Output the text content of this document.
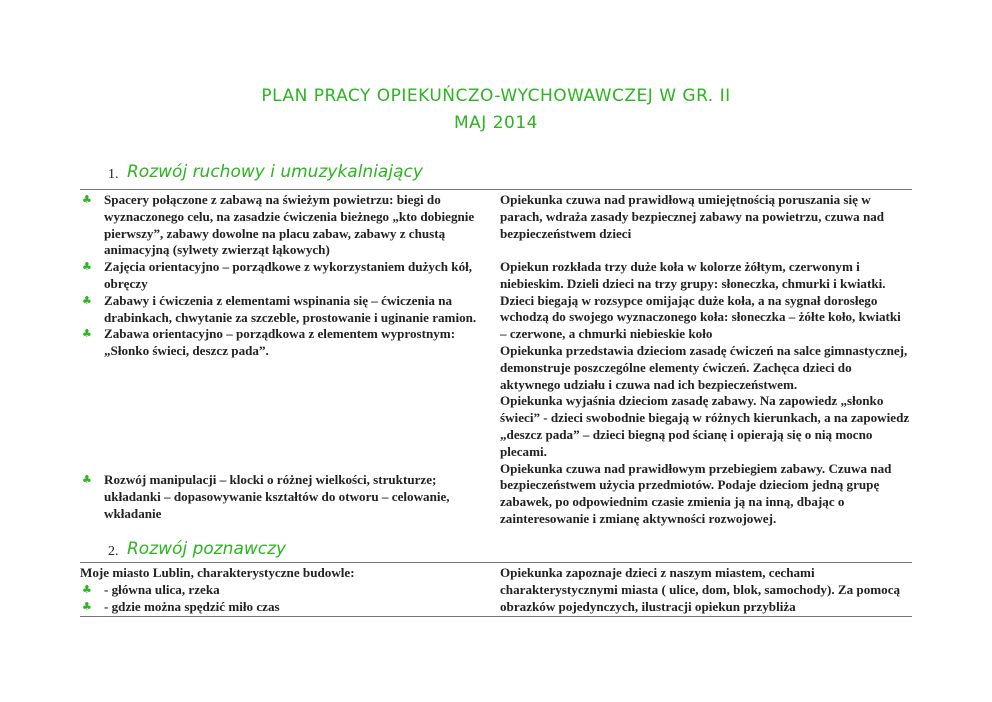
PLAN PRACY OPIEKUŃCZO-WYCHOWAWCZEJ W GR. II
MAJ 2014
1. Rozwój ruchowy i umuzykalniający
♣ Spacery połączone z zabawą na świeżym powietrzu: biegi do wyznaczonego celu, na zasadzie ćwiczenia bieżnego „kto dobiegnie pierwszy”, zabawy dowolne na placu zabaw, zabawy z chustą animacyjną (sylwety zwierząt łąkowych)

♣ Zajęcia orientacyjno – porządkowe z wykorzystaniem dużych kół, obręczy

♣ Zabawy i ćwiczenia z elementami wspinania się – ćwiczenia na drabinkach, chwytanie za szczeble, prostowanie i uginanie ramion.

♣ Zabawa orientacyjno – porządkowa z elementem wyprostnym: „Słonko świeci, deszcz pada”.

♣ Rozwój manipulacji – klocki o różnej wielkości, strukturze; układanki – dopasowywanie kształtów do otworu – celowanie, wkładanie

Opiekunka czuwa nad prawidłową umiejętnością poruszania się w parach, wdraża zasady bezpiecznej zabawy na powietrzu, czuwa nad bezpieczeństwem dzieci

Opiekun rozkłada trzy duże koła w kolorze żółtym, czerwonym i niebieskim. Dzieli dzieci na trzy grupy: słoneczka, chmurki i kwiatki. Dzieci biegają w rozsypce omijając duże koła, a na sygnał dorosłego wchodzą do swojego wyznaczonego koła: słoneczka – żółte koło, kwiatki – czerwone, a chmurki niebieskie koło

Opiekunka przedstawia dzieciom zasadę ćwiczeń na salce gimnastycznej, demonstruje poszczególne elementy ćwiczeń. Zachęca dzieci do aktywnego udziału i czuwa nad ich bezpieczeństwem.

Opiekunka wyjaśnia dzieciom zasadę zabawy. Na zapowiedz „słonko świeci” - dzieci swobodnie biegają w różnych kierunkach, a na zapowiedz „deszcz pada” – dzieci biegną pod ścianę i opierają się o nią mocno plecami.

Opiekunka czuwa nad prawidłowym przebiegiem zabawy. Czuwa nad bezpieczeństwem użycia przedmiotów. Podaje dzieciom jedną grupę zabawek, po odpowiednim czasie zmienia ją na inną, dbając o zainteresowanie i zmianę aktywności rozwojowej.

2. Rozwój poznawczy

Moje miasto Lublin, charakterystyczne budowle:

♣ - główna ulica, rzeka

♣ - gdzie można spędzić miło czas

Opiekunka zapoznaje dzieci z naszym miastem, cechami charakterystycznymi miasta ( ulice, dom, blok, samochody). Za pomocą obrazków pojedynczych, ilustracji opiekun przybliża
